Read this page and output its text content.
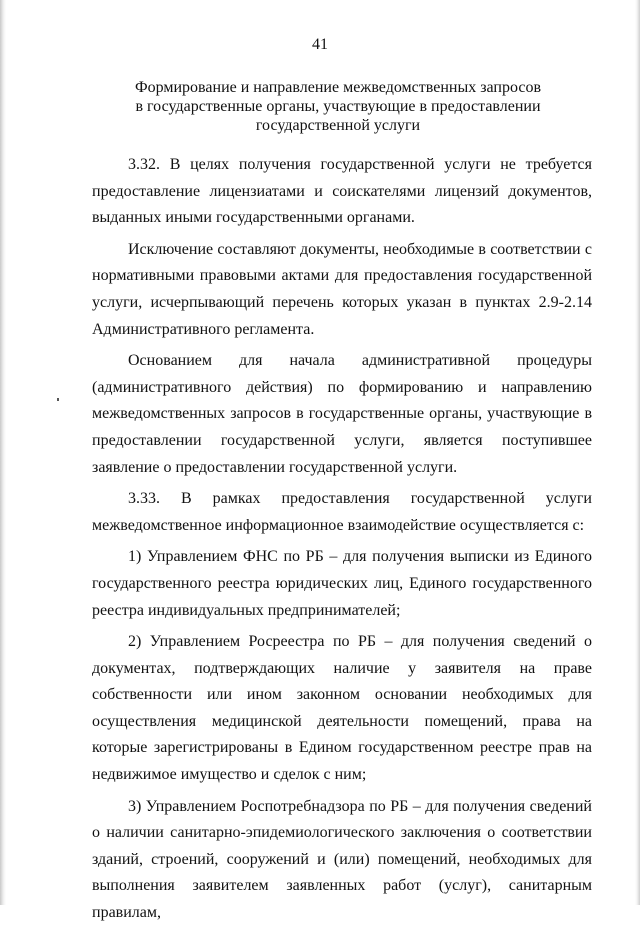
41
Формирование и направление межведомственных запросов
в государственные органы, участвующие в предоставлении
государственной услуги

3.32. В целях получения государственной услуги не требуется предоставление лицензиатами и соискателями лицензий документов, выданных иными государственными органами.

Исключение составляют документы, необходимые в соответствии с нормативными правовыми актами для предоставления государственной услуги, исчерпывающий перечень которых указан в пунктах 2.9-2.14 Административного регламента.

Основанием для начала административной процедуры (административного действия) по формированию и направлению межведомственных запросов в государственные органы, участвующие в предоставлении государственной услуги, является поступившее заявление о предоставлении государственной услуги.

3.33. В рамках предоставления государственной услуги межведомственное информационное взаимодействие осуществляется с:

1) Управлением ФНС по РБ – для получения выписки из Единого государственного реестра юридических лиц, Единого государственного реестра индивидуальных предпринимателей;

2) Управлением Росреестра по РБ – для получения сведений о документах, подтверждающих наличие у заявителя на праве собственности или ином законном основании необходимых для осуществления медицинской деятельности помещений, права на которые зарегистрированы в Едином государственном реестре прав на недвижимое имущество и сделок с ним;

3) Управлением Роспотребнадзора по РБ – для получения сведений о наличии санитарно-эпидемиологического заключения о соответствии зданий, строений, сооружений и (или) помещений, необходимых для выполнения заявителем заявленных работ (услуг), санитарным правилам,
